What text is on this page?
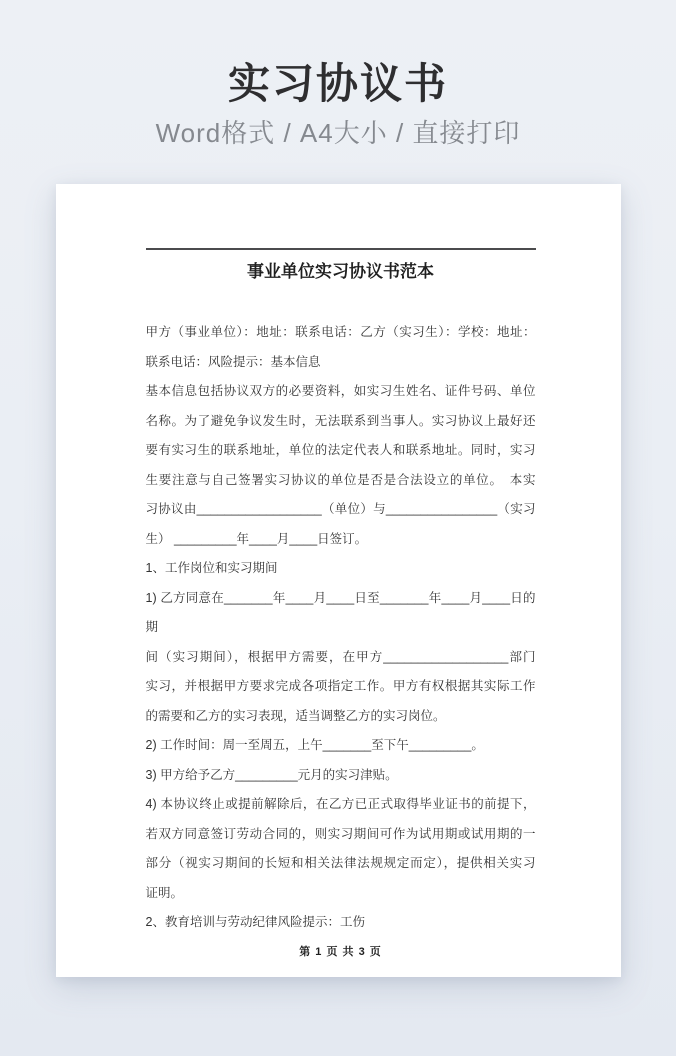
实习协议书

Word格式 / A4大小 / 直接打印

事业单位实习协议书范本
甲方（事业单位）：地址：联系电话：乙方（实习生）：学校：地址：
联系电话：风险提示：基本信息
基本信息包括协议双方的必要资料，如实习生姓名、证件号码、单位
名称。为了避免争议发生时，无法联系到当事人。实习协议上最好还
要有实习生的联系地址，单位的法定代表人和联系地址。同时，实习
生要注意与自己签署实习协议的单位是否是合法设立的单位。　本实
习协议由__________________（单位）与________________（实习
生） _________年____月____日签订。
1、工作岗位和实习期间
1) 乙方同意在_______年____月____日至_______年____月____日的期
间（实习期间），根据甲方需要，在甲方__________________部门
实习，并根据甲方要求完成各项指定工作。甲方有权根据其实际工作
的需要和乙方的实习表现，适当调整乙方的实习岗位。
2) 工作时间：周一至周五，上午_______至下午_________。
3) 甲方给予乙方_________元月的实习津贴。
4) 本协议终止或提前解除后，在乙方已正式取得毕业证书的前提下，
若双方同意签订劳动合同的，则实习期间可作为试用期或试用期的一
部分（视实习期间的长短和相关法律法规规定而定），提供相关实习
证明。
2、教育培训与劳动纪律风险提示：工伤
第 1 页 共 3 页
